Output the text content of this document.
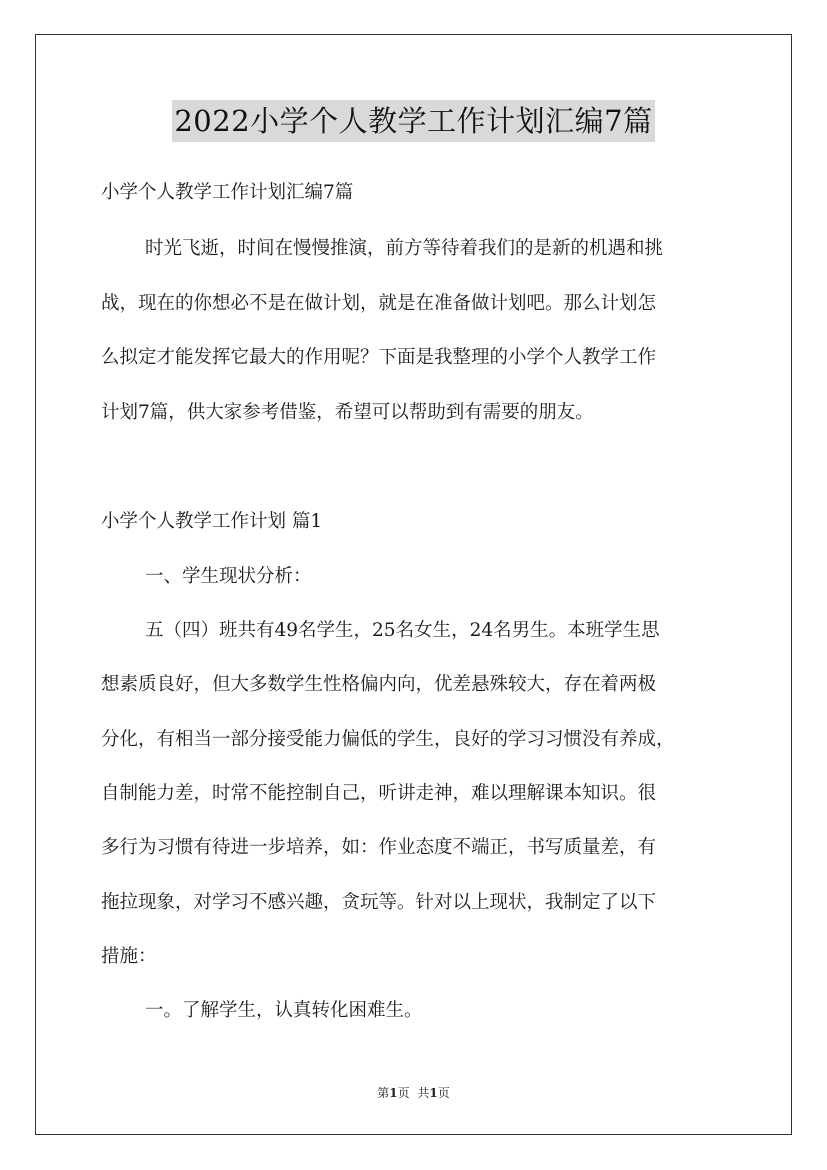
2022小学个人教学工作计划汇编7篇
小学个人教学工作计划汇编7篇
时光飞逝，时间在慢慢推演，前方等待着我们的是新的机遇和挑
战，现在的你想必不是在做计划，就是在准备做计划吧。那么计划怎
么拟定才能发挥它最大的作用呢？下面是我整理的小学个人教学工作
计划7篇，供大家参考借鉴，希望可以帮助到有需要的朋友。
小学个人教学工作计划 篇1
一、学生现状分析：
五（四）班共有49名学生，25名女生，24名男生。本班学生思
想素质良好，但大多数学生性格偏内向，优差悬殊较大，存在着两极
分化，有相当一部分接受能力偏低的学生，良好的学习习惯没有养成，
自制能力差，时常不能控制自己，听讲走神，难以理解课本知识。很
多行为习惯有待进一步培养，如：作业态度不端正，书写质量差，有
拖拉现象，对学习不感兴趣，贪玩等。针对以上现状，我制定了以下
措施：
一。了解学生，认真转化困难生。
第1页 共1页
